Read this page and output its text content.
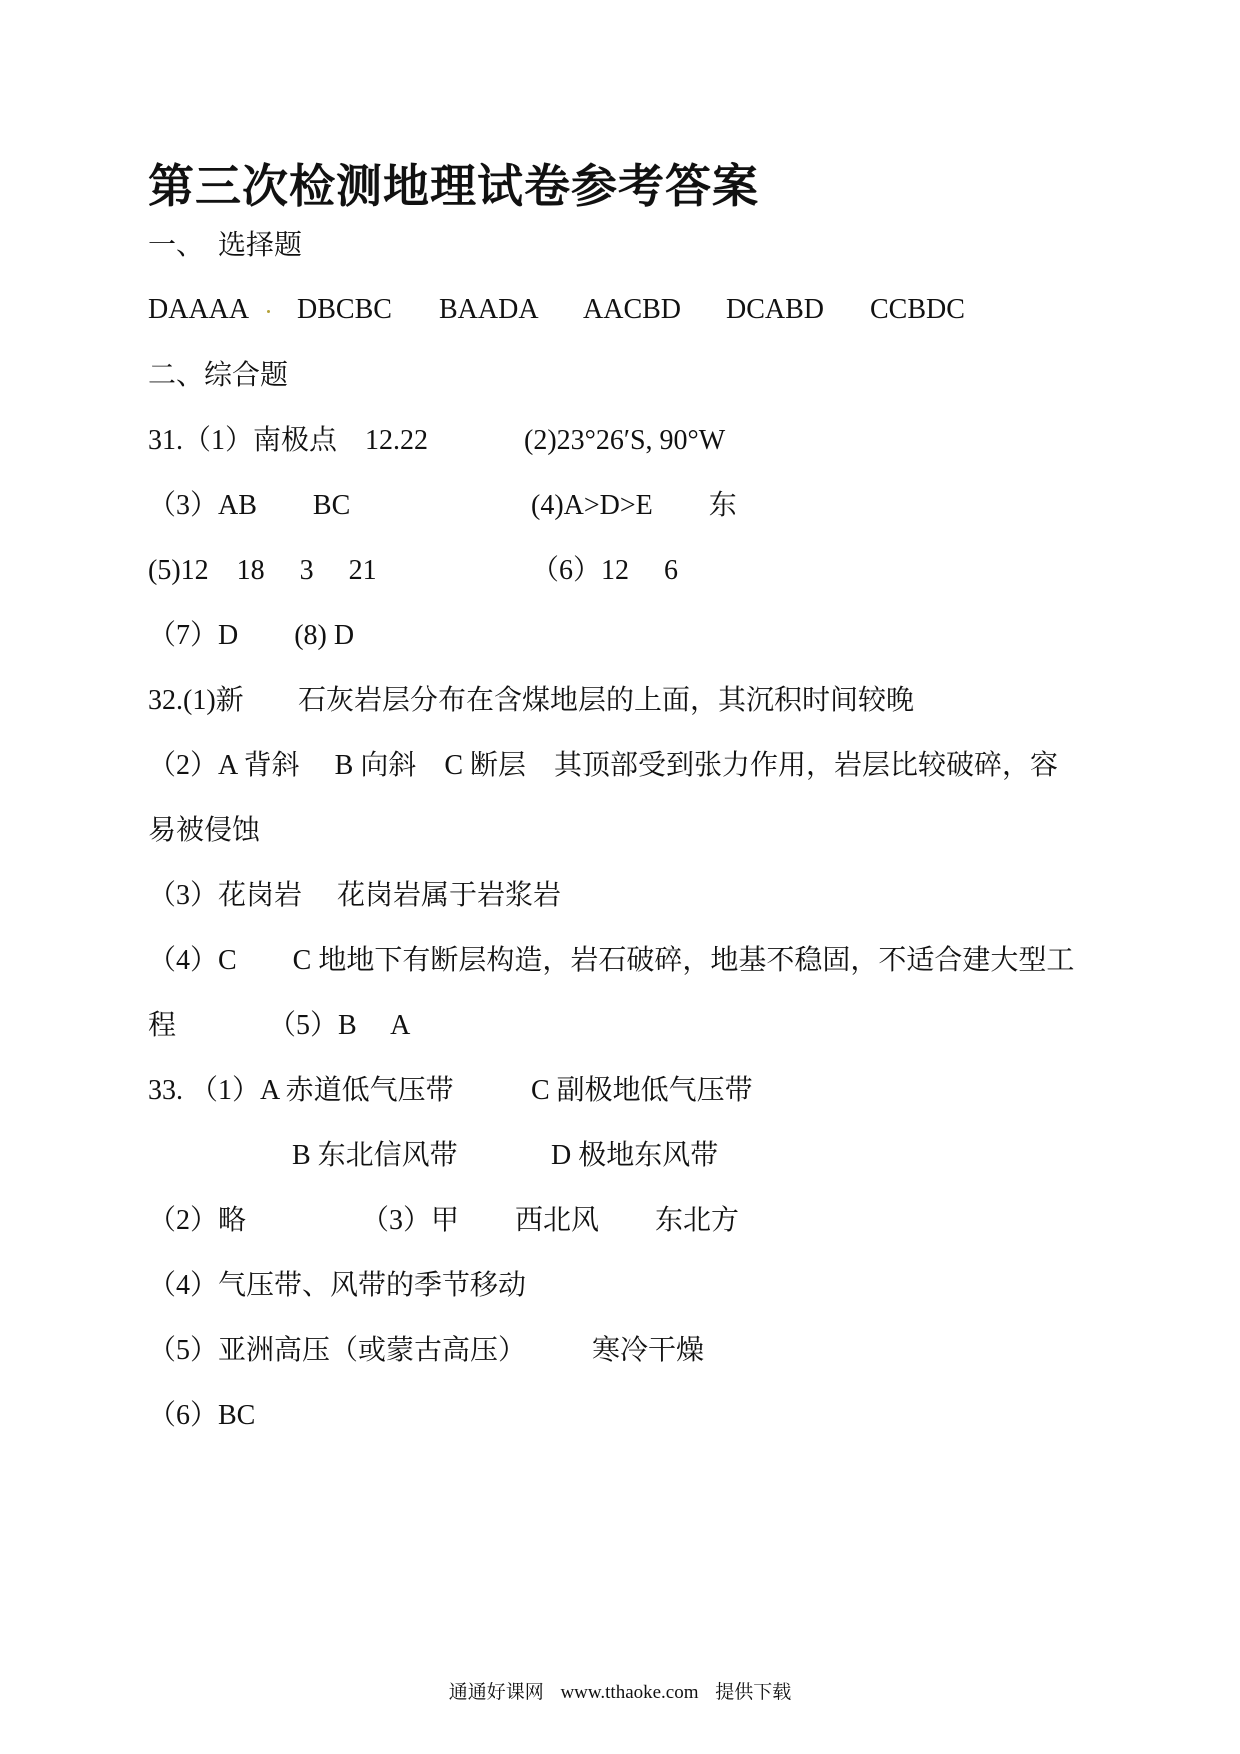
第三次检测地理试卷参考答案
一、　选择题
DAAAA DBCBC BAADA AACBD DCABD CCBDC
二、综合题
31.（1）南极点　12.22	(2)23°26′S, 90°W
（3）AB　　BC	(4)A>D>E　　东
(5)12　18　 3　 21	（6）12　 6
（7）D　　(8) D
32.(1)新 石灰岩层分布在含煤地层的上面，其沉积时间较晚
（2）A 背斜　 B 向斜　C 断层　其顶部受到张力作用，岩层比较破碎，容
易被侵蚀
（3）花岗岩　 花岗岩属于岩浆岩
（4）C　　C 地地下有断层构造，岩石破碎，地基不稳固，不适合建大型工
程	（5）B　 A
33. （1）A 赤道低气压带	C 副极地低气压带
B 东北信风带	D 极地东风带
（2）略	（3）甲　　西北风　　东北方
（4）气压带、风带的季节移动
（5）亚洲高压（或蒙古高压） 寒冷干燥
（6）BC
通通好课网 www.tthaoke.com 提供下载
